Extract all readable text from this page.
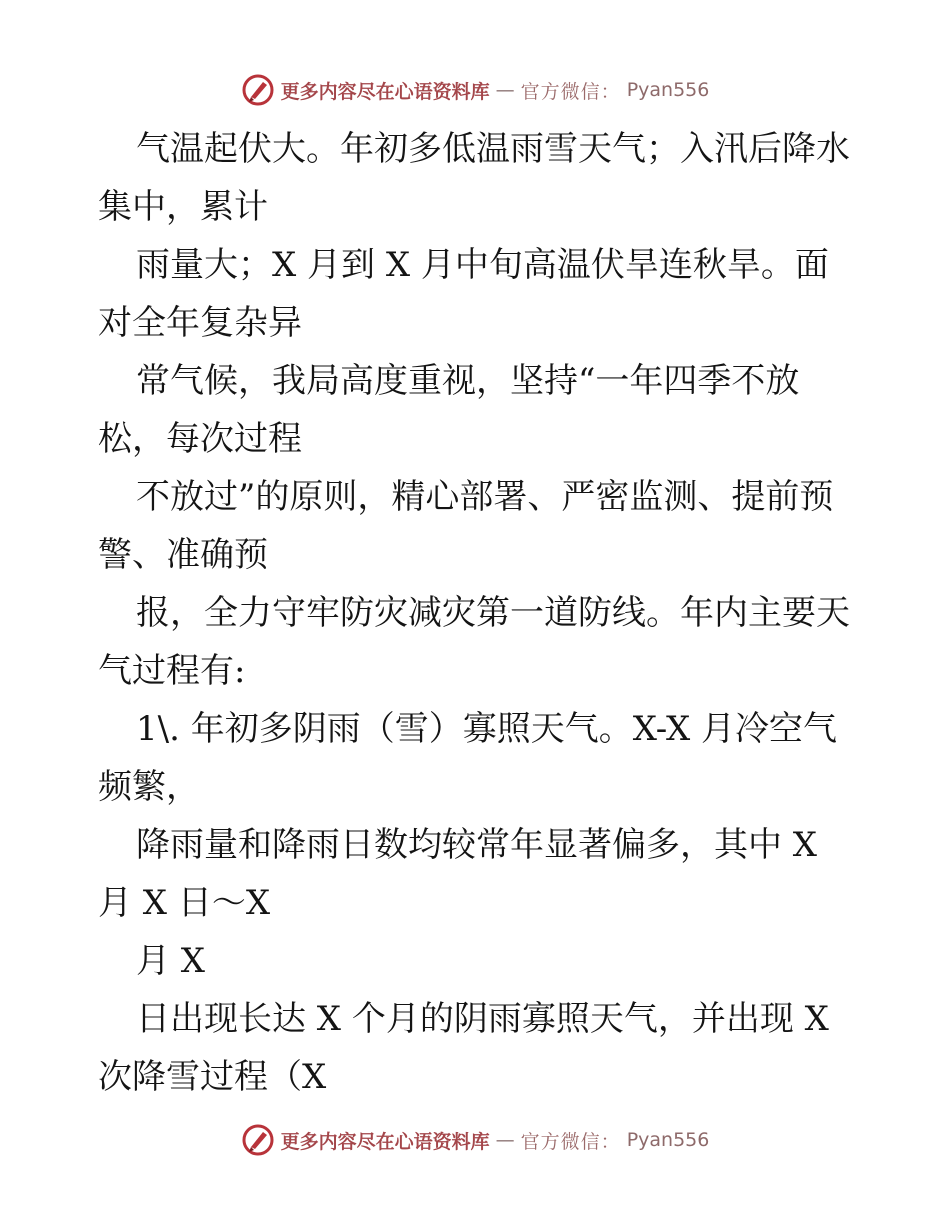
更多内容尽在心语资料库 — 官方微信： Pyan556
气温起伏大。年初多低温雨雪天气；入汛后降水
集中，累计
雨量大；X 月到 X 月中旬高温伏旱连秋旱。面
对全年复杂异
常气候，我局高度重视，坚持“一年四季不放
松，每次过程
不放过”的原则，精心部署、严密监测、提前预
警、准确预
报，全力守牢防灾减灾第一道防线。年内主要天
气过程有:
1\. 年初多阴雨（雪）寡照天气。X-X 月冷空气
频繁，
降雨量和降雨日数均较常年显著偏多，其中 X
月 X 日～X
月 X
日出现长达 X 个月的阴雨寡照天气，并出现 X
次降雪过程（X
更多内容尽在心语资料库 — 官方微信： Pyan556
